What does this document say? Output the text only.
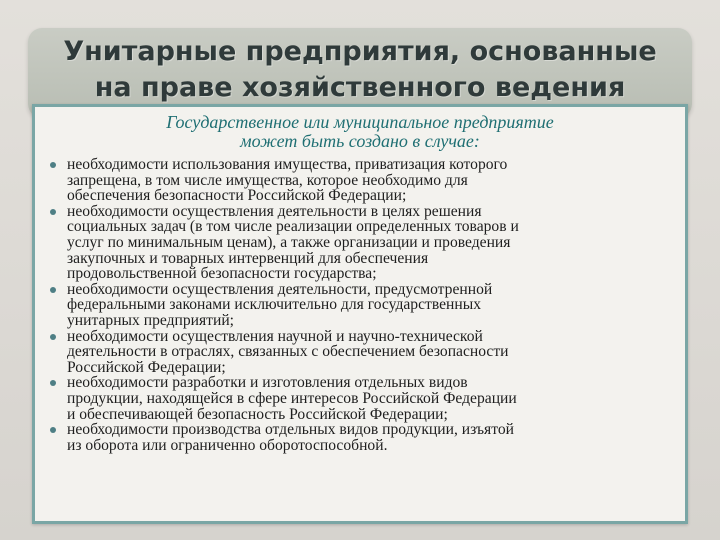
Унитарные предприятия, основанные
на праве хозяйственного ведения
Государственное или муниципальное предприятие
может быть создано в случае:
необходимости использования имущества, приватизация которого
запрещена, в том числе имущества, которое необходимо для
обеспечения безопасности Российской Федерации;
необходимости осуществления деятельности в целях решения
социальных задач (в том числе реализации определенных товаров и
услуг по минимальным ценам), а также организации и проведения
закупочных и товарных интервенций для обеспечения
продовольственной безопасности государства;
необходимости осуществления деятельности, предусмотренной
федеральными законами исключительно для государственных
унитарных предприятий;
необходимости осуществления научной и научно-технической
деятельности в отраслях, связанных с обеспечением безопасности
Российской Федерации;
необходимости разработки и изготовления отдельных видов
продукции, находящейся в сфере интересов Российской Федерации
и обеспечивающей безопасность Российской Федерации;
необходимости производства отдельных видов продукции, изъятой
из оборота или ограниченно оборотоспособной.
